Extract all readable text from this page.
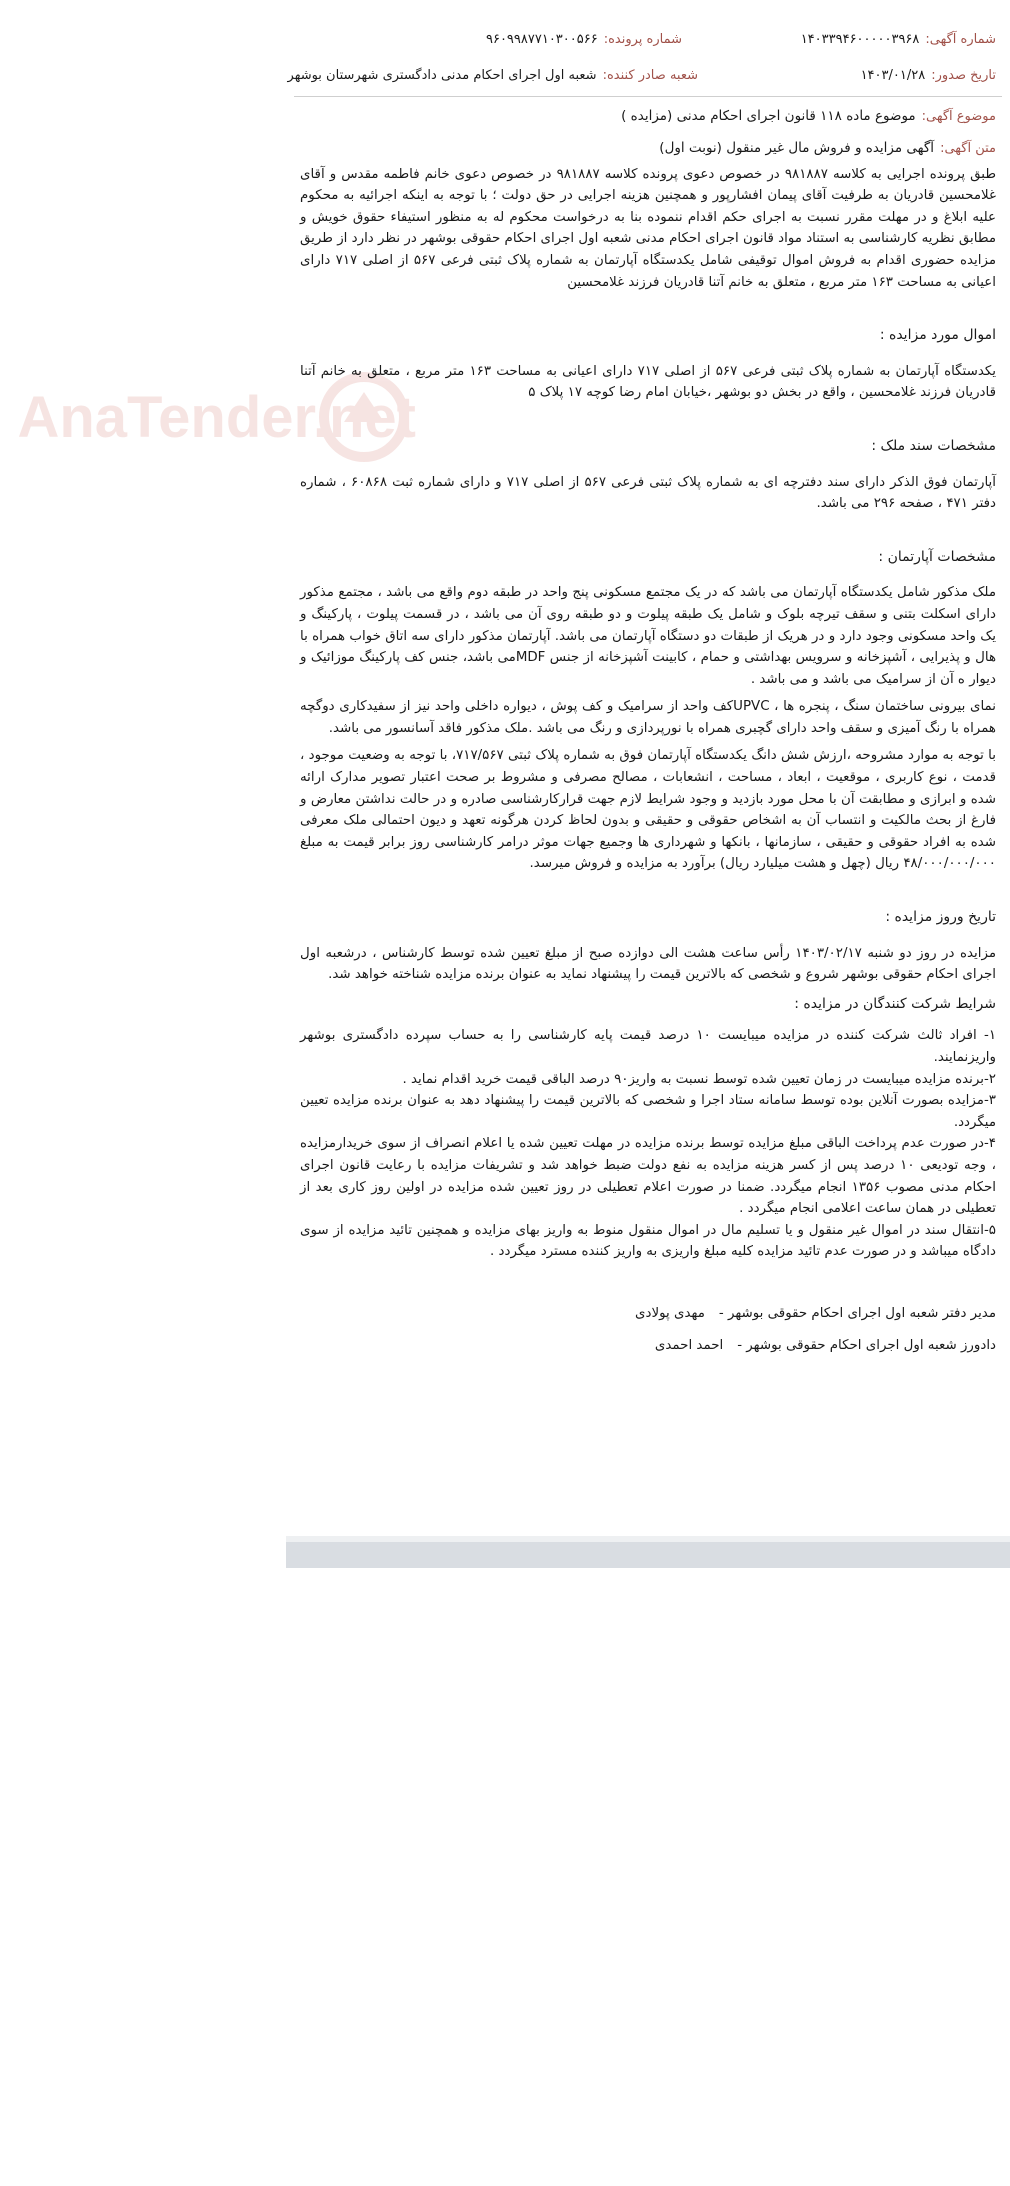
AnaTender.net
شماره آگهی:
۱۴۰۳۳۹۴۶۰۰۰۰۰۳۹۶۸
شماره پرونده:
۹۶۰۹۹۸۷۷۱۰۳۰۰۵۶۶
تاریخ صدور:
۱۴۰۳/۰۱/۲۸
شعبه صادر کننده:
شعبه اول اجرای احکام مدنی دادگستری شهرستان بوشهر
موضوع آگهی:
موضوع ماده ۱۱۸ قانون اجرای احکام مدنی (مزایده )
متن آگهی:
آگهی مزایده و فروش مال غیر منقول (نوبت اول)

طبق پرونده اجرایی به کلاسه ۹۸۱۸۸۷ در خصوص دعوی پرونده کلاسه ۹۸۱۸۸۷ در خصوص دعوی خانم فاطمه مقدس و آقای غلامحسین قادریان به طرفیت آقای پیمان افشارپور و همچنین هزینه اجرایی در حق دولت ؛ با توجه به اینکه اجرائیه به محکوم علیه ابلاغ و در مهلت مقرر نسبت به اجرای حکم اقدام ننموده بنا به درخواست محکوم له به منظور استیفاء حقوق خویش و مطابق نظریه کارشناسی به استناد مواد قانون اجرای احکام مدنی شعبه اول اجرای احکام حقوقی بوشهر در نظر دارد از طریق مزایده حضوری اقدام به فروش اموال توقیفی شامل یکدستگاه آپارتمان به شماره پلاک ثبتی فرعی ۵۶۷ از اصلی ۷۱۷ دارای اعیانی به مساحت ۱۶۳ متر مربع ، متعلق به خانم آتنا قادریان فرزند غلامحسین

اموال مورد مزایده :

یکدستگاه آپارتمان به شماره پلاک ثبتی فرعی ۵۶۷ از اصلی ۷۱۷ دارای اعیانی به مساحت ۱۶۳ متر مربع ، متعلق به خانم آتنا قادریان فرزند غلامحسین ، واقع در بخش دو بوشهر ،خیابان امام رضا کوچه ۱۷ پلاک ۵

مشخصات سند ملک :

آپارتمان فوق الذکر دارای سند دفترچه ای به شماره پلاک ثبتی فرعی ۵۶۷ از اصلی ۷۱۷ و دارای شماره ثبت ۶۰۸۶۸ ، شماره دفتر ۴۷۱ ، صفحه ۲۹۶ می باشد.

مشخصات آپارتمان :

ملک مذکور شامل یکدستگاه آپارتمان می باشد که در یک مجتمع مسکونی پنج واحد در طبقه دوم واقع می باشد ، مجتمع مذکور دارای اسکلت بتنی و سقف تیرچه بلوک و شامل یک طبقه پیلوت و دو طبقه روی آن می باشد ، در قسمت پیلوت ، پارکینگ و یک واحد مسکونی وجود دارد و در هریک از طبقات دو دستگاه آپارتمان می باشد. آپارتمان مذکور دارای سه اتاق خواب همراه با هال و پذیرایی ، آشپزخانه و سرویس بهداشتی و حمام ، کابینت آشپزخانه از جنس MDFمی باشد، جنس کف پارکینگ موزائیک و دیوار ه آن از سرامیک می باشد و می باشد .

نمای بیرونی ساختمان سنگ ، پنجره ها ، UPVCکف واحد از سرامیک و کف پوش ، دیواره داخلی واحد نیز از سفیدکاری دوگچه همراه با رنگ آمیزی و سقف واحد دارای گچبری همراه با نورپردازی و رنگ می باشد .ملک مذکور فاقد آسانسور می باشد.

با توجه به موارد مشروحه ،ارزش شش دانگ یکدستگاه آپارتمان فوق به شماره پلاک ثبتی ۷۱۷/۵۶۷، با توجه به وضعیت موجود ، قدمت ، نوع کاربری ، موقعیت ، ابعاد ، مساحت ، انشعابات ، مصالح مصرفی و مشروط بر صحت اعتبار تصویر مدارک ارائه شده و ابرازی و مطابقت آن با محل مورد بازدید و وجود شرایط لازم جهت قرارکارشناسی صادره و در حالت نداشتن معارض و فارغ از بحث مالکیت و انتساب آن به اشخاص حقوقی و حقیقی و بدون لحاظ کردن هرگونه تعهد و دیون احتمالی ملک معرفی شده به افراد حقوقی و حقیقی ، سازمانها ، بانکها و شهرداری ها وجمیع جهات موثر درامر کارشناسی روز برابر قیمت به مبلغ ۴۸/۰۰۰/۰۰۰/۰۰۰ ریال (چهل و هشت میلیارد ریال) برآورد به مزایده و فروش میرسد.

تاریخ وروز مزایده :

مزایده در روز دو شنبه ۱۴۰۳/۰۲/۱۷ رأس ساعت هشت الی دوازده صبح از مبلغ تعیین شده توسط کارشناس ، درشعبه اول اجرای احکام حقوقی بوشهر شروع و شخصی که بالاترین قیمت را پیشنهاد نماید به عنوان برنده مزایده شناخته خواهد شد.

شرایط شرکت کنندگان در مزایده :

۱- افراد ثالث شرکت کننده در مزایده میبایست ۱۰ درصد قیمت پایه کارشناسی را به حساب سپرده دادگستری بوشهر واریزنمایند.

۲-برنده مزایده میبایست در زمان تعیین شده توسط نسبت به واریز۹۰ درصد الباقی قیمت خرید اقدام نماید .

۳-مزایده بصورت آنلاین بوده توسط سامانه ستاد اجرا و شخصی که بالاترین قیمت را پیشنهاد دهد به عنوان برنده مزایده تعیین میگردد.

۴-در صورت عدم پرداخت الباقی مبلغ مزایده توسط برنده مزایده در مهلت تعیین شده یا اعلام انصراف از سوی خریدارمزایده ، وجه تودیعی ۱۰ درصد پس از کسر هزینه مزایده به نفع دولت ضبط خواهد شد و تشریفات مزایده با رعایت قانون اجرای احکام مدنی مصوب ۱۳۵۶ انجام میگردد. ضمنا در صورت اعلام تعطیلی در روز تعیین شده مزایده در اولین روز کاری بعد از تعطیلی در همان ساعت اعلامی انجام میگردد .

۵-انتقال سند در اموال غیر منقول و یا تسلیم مال در اموال منقول منوط به واریز بهای مزایده و همچنین تائید مزایده از سوی دادگاه میباشد و در صورت عدم تائید مزایده کلیه مبلغ واریزی به واریز کننده مسترد میگردد .

مدیر دفتر شعبه اول اجرای احکام حقوقی بوشهر -
مهدی پولادی
دادورز شعبه اول اجرای احکام حقوقی بوشهر -
احمد احمدی
